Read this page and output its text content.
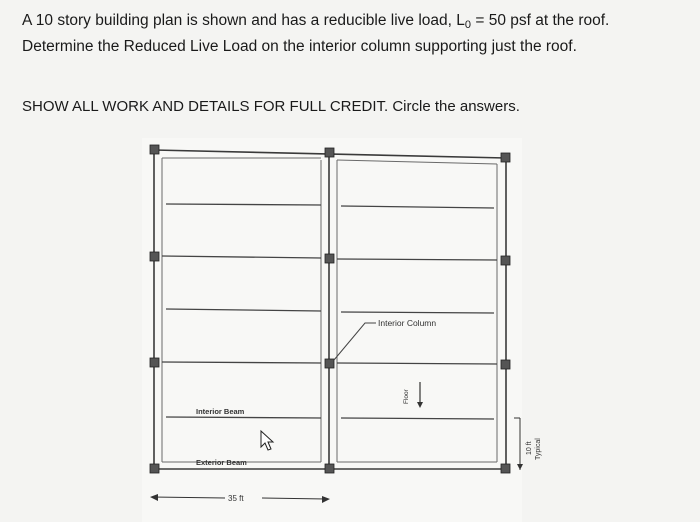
A 10 story building plan is shown and has a reducible live load, $L_0 = 50$ psf at the roof. Determine the Reduced Live Load on the interior column supporting just the roof.
SHOW ALL WORK AND DETAILS FOR FULL CREDIT. Circle the answers.
Interior Column
Interior Beam
Exterior Beam
Floor
35 ft
10 ft Typical
